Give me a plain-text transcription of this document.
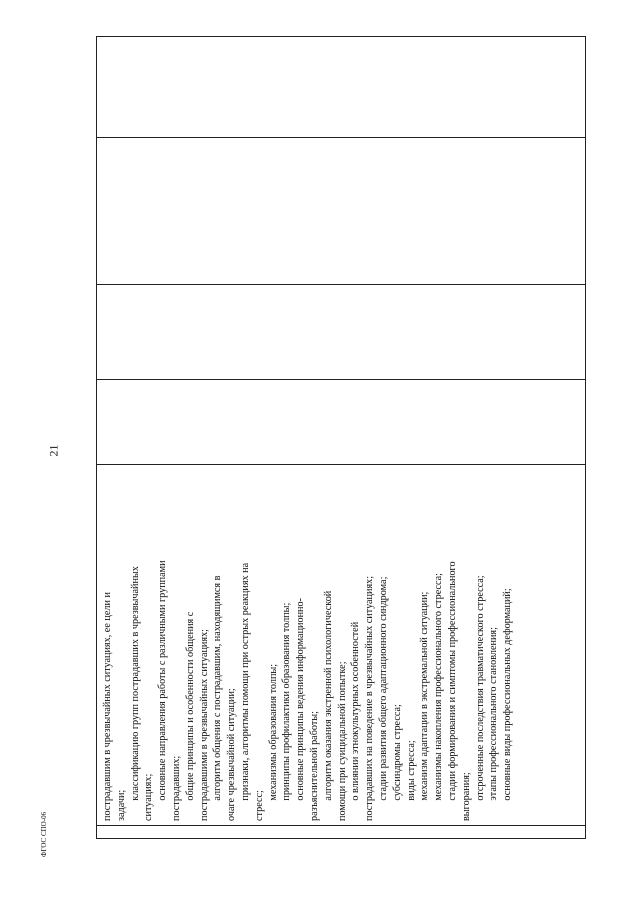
21

пострадавшим в чрезвычайных ситуациях, ее цели и задачи;   классификацию групп пострадавших в чрезвычайных ситуациях;   основные направления работы с различными группами пострадавших;   общие принципы и особенности общения с пострадавшими в чрезвычайных ситуациях;   алгоритм общения с пострадавшим, находящимся в очаге чрезвычайной ситуации;   признаки, алгоритмы помощи при острых реакциях на стресс;   механизмы образования толпы;   принципы профилактики образования толпы;   основные принципы ведения информационно- разъяснительной работы;   алгоритм оказания экстренной психологической помощи при суицидальной попытке;   о влиянии этнокультурных особенностей пострадавших на поведение в чрезвычайных ситуациях;   стадии развития общего адаптационного синдрома;   субсиндромы стресса;   виды стресса;   механизм адаптации в экстремальной ситуации;   механизмы накопления профессионального стресса;   стадии формирования и симптомы профессионального выгорания;   отсроченные последствия травматического стресса;   этапы профессионального становления;   основные виды профессиональных деформаций;

ФГОС СПО-06
